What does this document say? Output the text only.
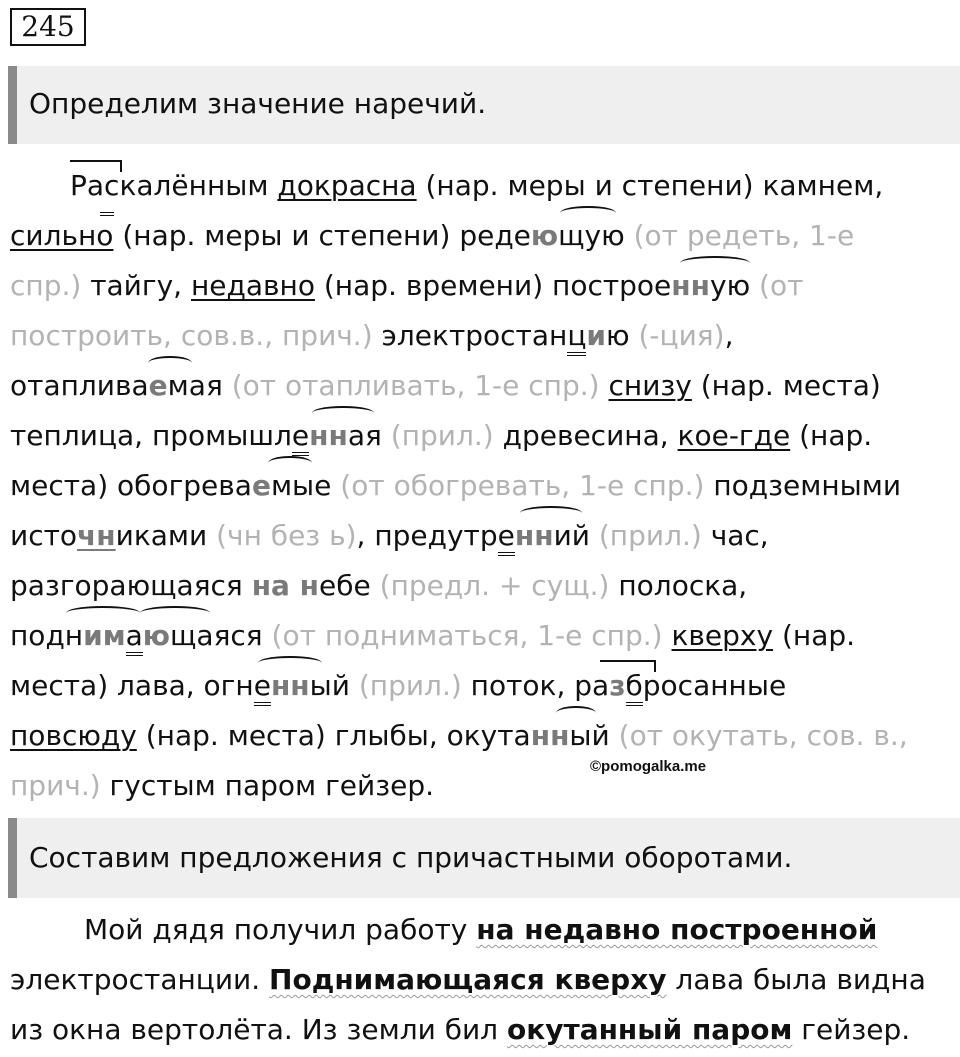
245
Определим значение наречий.
Раскалённым докрасна (нар. меры и степени) камнем,
сильно (нар. меры и степени) редеющую (от редеть, 1-е
спр.) тайгу, недавно (нар. времени) построенную (от
построить, сов.в., прич.) электростанцию (-ция),
отапливаемая (от отапливать, 1-е спр.) снизу (нар. места)
теплица, промышленная (прил.) древесина, кое-где (нар.
места) обогреваемые (от обогревать, 1-е спр.) подземными
источниками (чн без ь), предутренний (прил.) час,
разгорающаяся на небе (предл. + сущ.) полоска,
поднимающаяся (от подниматься, 1-е спр.) кверху (нар.
места) лава, огненный (прил.) поток, разбросанные
повсюду (нар. места) глыбы, окутанный (от окутать, сов. в.,
прич.) густым паром гейзер.
©pomogalka.me
Составим предложения с причастными оборотами.
Мой дядя получил работу на недавно построенной
электростанции. Поднимающаяся кверху лава была видна
из окна вертолёта. Из земли бил окутанный паром гейзер.
